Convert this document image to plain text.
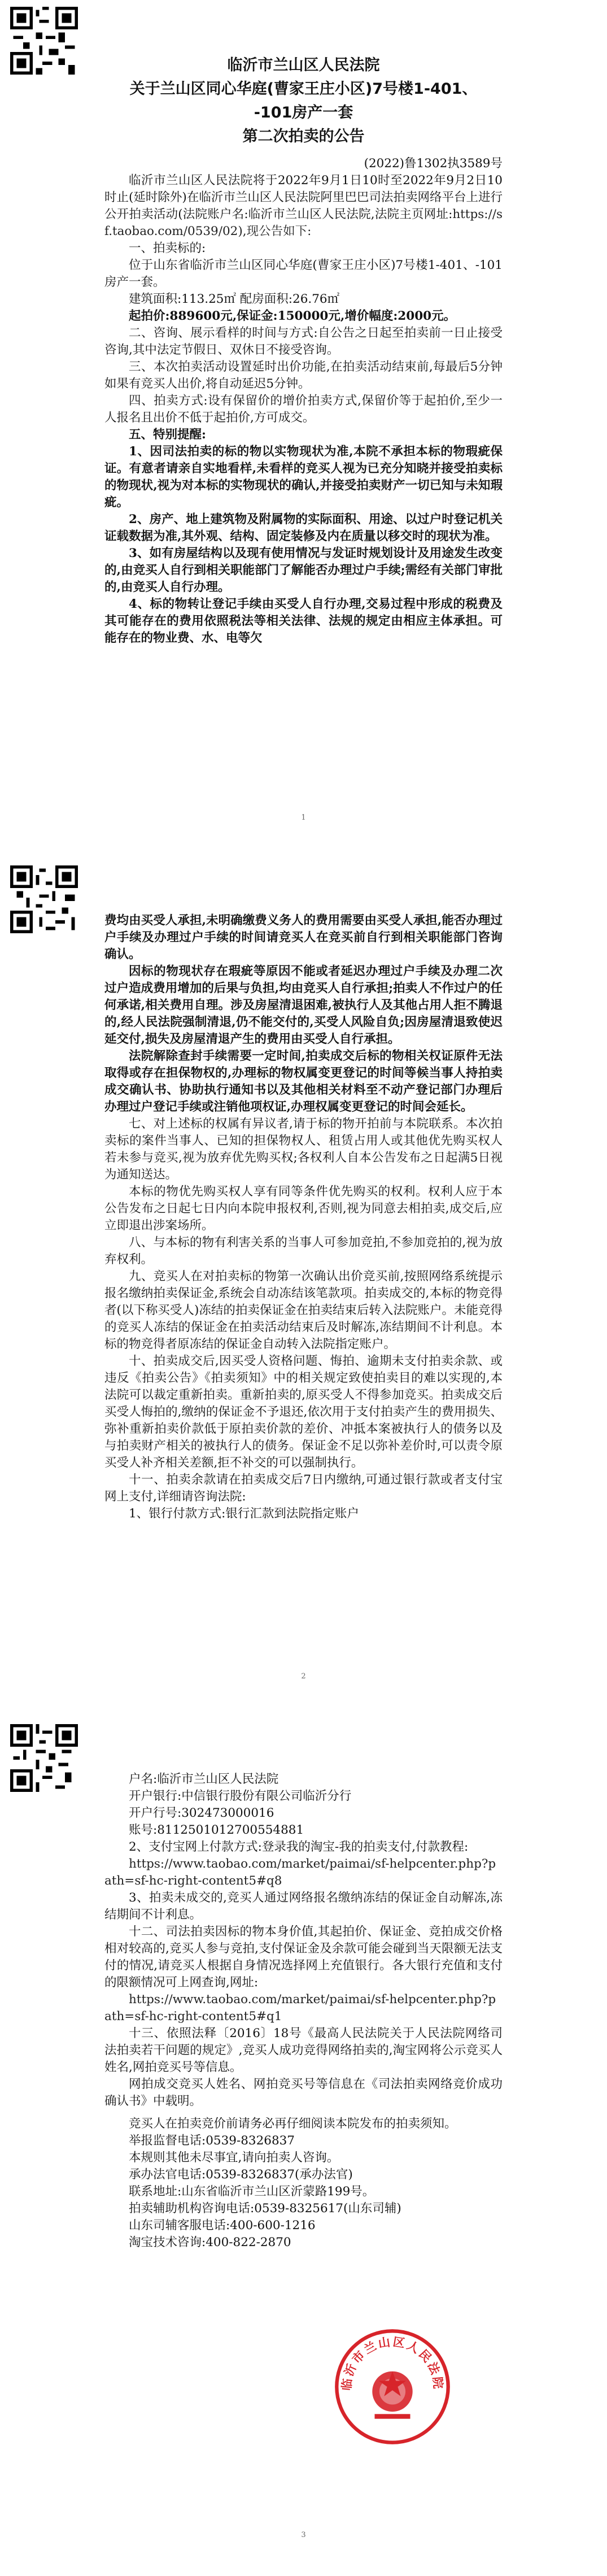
临沂市兰山区人民法院

关于兰山区同心华庭(曹家王庄小区)7号楼1-401、

-101房产一套

第二次拍卖的公告

(2022)鲁1302执3589号

临沂市兰山区人民法院将于2022年9月1日10时至2022年9月2日10时止(延时除外)在临沂市兰山区人民法院阿里巴巴司法拍卖网络平台上进行公开拍卖活动(法院账户名:临沂市兰山区人民法院,法院主页网址:https://sf.taobao.com/0539/02),现公告如下:

一、拍卖标的:

位于山东省临沂市兰山区同心华庭(曹家王庄小区)7号楼1-401、-101房产一套。

建筑面积:113.25㎡ 配房面积:26.76㎡

起拍价:889600元,保证金:150000元,增价幅度:2000元。

二、咨询、展示看样的时间与方式:自公告之日起至拍卖前一日止接受咨询,其中法定节假日、双休日不接受咨询。

三、本次拍卖活动设置延时出价功能,在拍卖活动结束前,每最后5分钟如果有竞买人出价,将自动延迟5分钟。

四、拍卖方式:设有保留价的增价拍卖方式,保留价等于起拍价,至少一人报名且出价不低于起拍价,方可成交。

五、特别提醒:

1、因司法拍卖的标的物以实物现状为准,本院不承担本标的物瑕疵保证。有意者请亲自实地看样,未看样的竞买人视为已充分知晓并接受拍卖标的物现状,视为对本标的实物现状的确认,并接受拍卖财产一切已知与未知瑕疵。

2、房产、地上建筑物及附属物的实际面积、用途、以过户时登记机关证载数据为准,其外观、结构、固定装修及内在质量以移交时的现状为准。

3、如有房屋结构以及现有使用情况与发证时规划设计及用途发生改变的,由竞买人自行到相关职能部门了解能否办理过户手续;需经有关部门审批的,由竞买人自行办理。

4、标的物转让登记手续由买受人自行办理,交易过程中形成的税费及其可能存在的费用依照税法等相关法律、法规的规定由相应主体承担。可能存在的物业费、水、电等欠

1

费均由买受人承担,未明确缴费义务人的费用需要由买受人承担,能否办理过户手续及办理过户手续的时间请竞买人在竞买前自行到相关职能部门咨询确认。

因标的物现状存在瑕疵等原因不能或者延迟办理过户手续及办理二次过户造成费用增加的后果与负担,均由竞买人自行承担;拍卖人不作过户的任何承诺,相关费用自理。涉及房屋清退困难,被执行人及其他占用人拒不腾退的,经人民法院强制清退,仍不能交付的,买受人风险自负;因房屋清退致使迟延交付,损失及房屋清退产生的费用由买受人自行承担。

法院解除查封手续需要一定时间,拍卖成交后标的物相关权证原件无法取得或存在担保物权的,办理标的物权属变更登记的时间等候当事人持拍卖成交确认书、协助执行通知书以及其他相关材料至不动产登记部门办理后办理过户登记手续或注销他项权证,办理权属变更登记的时间会延长。

七、对上述标的权属有异议者,请于标的物开拍前与本院联系。本次拍卖标的案件当事人、已知的担保物权人、租赁占用人或其他优先购买权人若未参与竞买,视为放弃优先购买权;各权利人自本公告发布之日起满5日视为通知送达。

本标的物优先购买权人享有同等条件优先购买的权利。权利人应于本公告发布之日起七日内向本院申报权利,否则,视为同意去相拍卖,成交后,应立即退出涉案场所。

八、与本标的物有利害关系的当事人可参加竞拍,不参加竞拍的,视为放弃权利。

九、竞买人在对拍卖标的物第一次确认出价竞买前,按照网络系统提示报名缴纳拍卖保证金,系统会自动冻结该笔款项。拍卖成交的,本标的物竞得者(以下称买受人)冻结的拍卖保证金在拍卖结束后转入法院账户。未能竞得的竞买人冻结的保证金在拍卖活动结束后及时解冻,冻结期间不计利息。本标的物竞得者原冻结的保证金自动转入法院指定账户。

十、拍卖成交后,因买受人资格问题、悔拍、逾期未支付拍卖余款、或违反《拍卖公告》《拍卖须知》中的相关规定致使拍卖目的难以实现的,本法院可以裁定重新拍卖。重新拍卖的,原买受人不得参加竞买。拍卖成交后买受人悔拍的,缴纳的保证金不予退还,依次用于支付拍卖产生的费用损失、弥补重新拍卖价款低于原拍卖价款的差价、冲抵本案被执行人的债务以及与拍卖财产相关的被执行人的债务。保证金不足以弥补差价时,可以责令原买受人补齐相关差额,拒不补交的可以强制执行。

十一、拍卖余款请在拍卖成交后7日内缴纳,可通过银行款或者支付宝网上支付,详细请咨询法院:

1、银行付款方式:银行汇款到法院指定账户

2

户名:临沂市兰山区人民法院

开户银行:中信银行股份有限公司临沂分行

开户行号:302473000016

账号:8112501012700554881

2、支付宝网上付款方式:登录我的淘宝-我的拍卖支付,付款教程:

https://www.taobao.com/market/paimai/sf-helpcenter.php?path=sf-hc-right-content5#q8

3、拍卖未成交的,竞买人通过网络报名缴纳冻结的保证金自动解冻,冻结期间不计利息。

十二、司法拍卖因标的物本身价值,其起拍价、保证金、竞拍成交价格相对较高的,竞买人参与竞拍,支付保证金及余款可能会碰到当天限额无法支付的情况,请竞买人根据自身情况选择网上充值银行。各大银行充值和支付的限额情况可上网查询,网址:

https://www.taobao.com/market/paimai/sf-helpcenter.php?path=sf-hc-right-content5#q1

十三、依照法释〔2016〕18号《最高人民法院关于人民法院网络司法拍卖若干问题的规定》,竞买人成功竞得网络拍卖的,淘宝网将公示竞买人姓名,网拍竞买号等信息。

网拍成交竞买人姓名、网拍竞买号等信息在《司法拍卖网络竞价成功确认书》中载明。

竞买人在拍卖竞价前请务必再仔细阅读本院发布的拍卖须知。

举报监督电话:0539-8326837

本规则其他未尽事宜,请向拍卖人咨询。

承办法官电话:0539-8326837(承办法官)

联系地址:山东省临沂市兰山区沂蒙路199号。

拍卖辅助机构咨询电话:0539-8325617(山东司辅)

山东司辅客服电话:400-600-1216

淘宝技术咨询:400-822-2870

临沂市兰山区人民法院
3
